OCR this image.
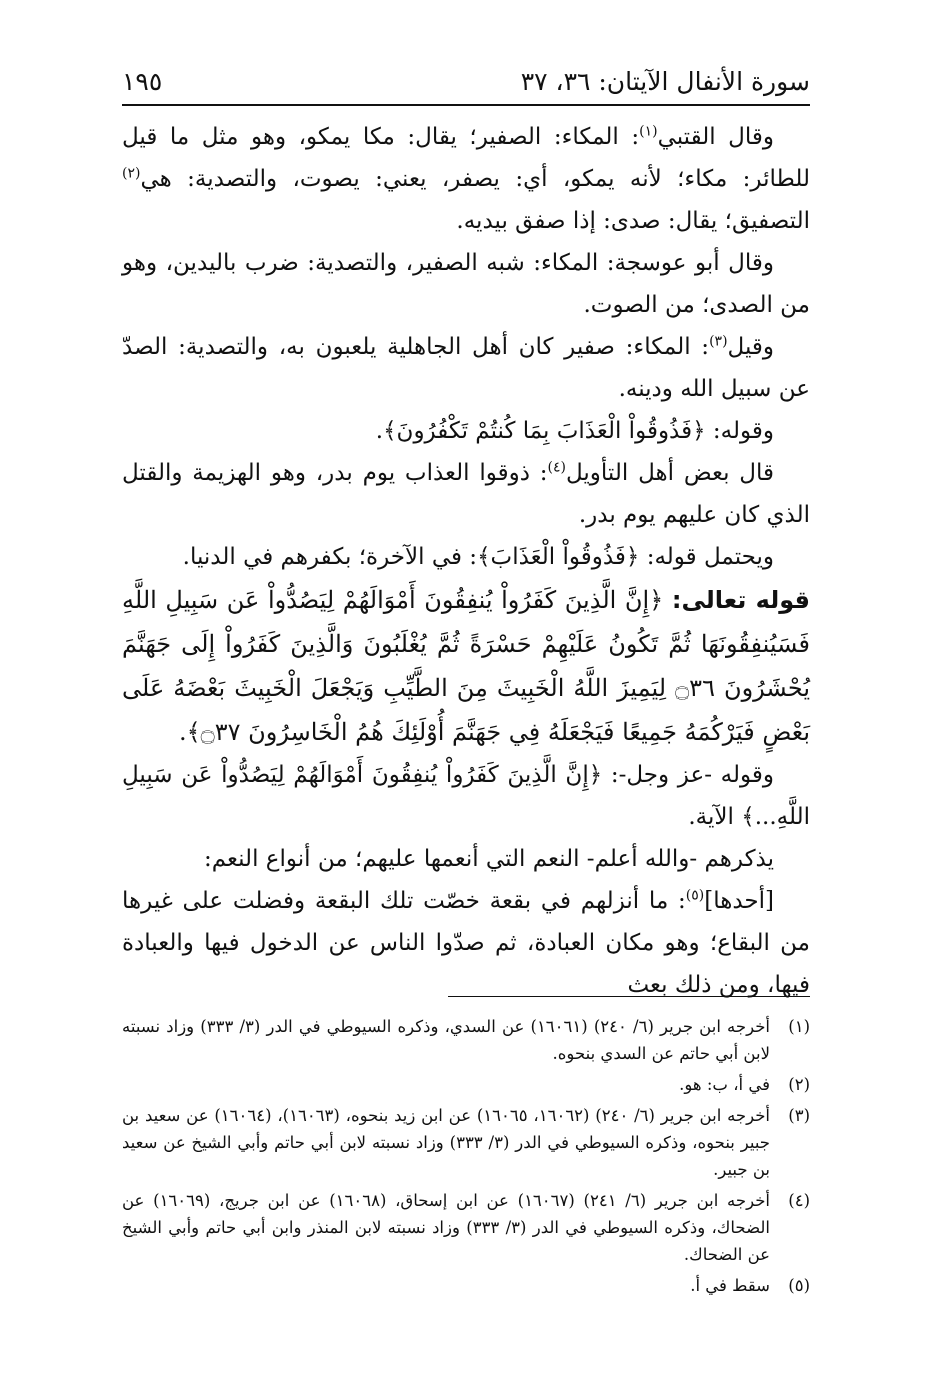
سورة الأنفال الآيتان: ٣٦، ٣٧
١٩٥

وقال القتبي$^{(١)}$: المكاء: الصفير؛ يقال: مكا يمكو، وهو مثل ما قيل للطائر: مكاء؛ لأنه يمكو، أي: يصفر، يعني: يصوت، والتصدية: هي$^{(٢)}$ التصفيق؛ يقال: صدى: إذا صفق بيديه.

وقال أبو عوسجة: المكاء: شبه الصفير، والتصدية: ضرب باليدين، وهو من الصدى؛ من الصوت.

وقيل$^{(٣)}$: المكاء: صفير كان أهل الجاهلية يلعبون به، والتصدية: الصدّ عن سبيل الله ودينه.

وقوله: ﴿فَذُوقُواْ الْعَذَابَ بِمَا كُنتُمْ تَكْفُرُونَ﴾.

قال بعض أهل التأويل$^{(٤)}$: ذوقوا العذاب يوم بدر، وهو الهزيمة والقتل الذي كان عليهم يوم بدر.

ويحتمل قوله: ﴿فَذُوقُواْ الْعَذَابَ﴾: في الآخرة؛ بكفرهم في الدنيا.

قوله تعالى: ﴿إِنَّ الَّذِينَ كَفَرُواْ يُنفِقُونَ أَمْوَالَهُمْ لِيَصُدُّواْ عَن سَبِيلِ اللَّهِ فَسَيُنفِقُونَهَا ثُمَّ تَكُونُ عَلَيْهِمْ حَسْرَةً ثُمَّ يُغْلَبُونَ وَالَّذِينَ كَفَرُواْ إِلَى جَهَنَّمَ يُحْشَرُونَ ۝٣٦ لِيَمِيزَ اللَّهُ الْخَبِيثَ مِنَ الطَّيِّبِ وَيَجْعَلَ الْخَبِيثَ بَعْضَهُ عَلَى بَعْضٍ فَيَرْكُمَهُ جَمِيعًا فَيَجْعَلَهُ فِي جَهَنَّمَ أُوْلَئِكَ هُمُ الْخَاسِرُونَ ۝٣٧﴾.

وقوله -عز وجل-: ﴿إِنَّ الَّذِينَ كَفَرُواْ يُنفِقُونَ أَمْوَالَهُمْ لِيَصُدُّواْ عَن سَبِيلِ اللَّهِ...﴾ الآية.

يذكرهم -والله أعلم- النعم التي أنعمها عليهم؛ من أنواع النعم:

[أحدها]$^{(٥)}$: ما أنزلهم في بقعة خصّت تلك البقعة وفضلت على غيرها من البقاع؛ وهو مكان العبادة، ثم صدّوا الناس عن الدخول فيها والعبادة فيها، ومن ذلك بعث

(١)
أخرجه ابن جرير (٦/ ٢٤٠) (١٦٠٦١) عن السدي، وذكره السيوطي في الدر (٣/ ٣٣٣) وزاد نسبته لابن أبي حاتم عن السدي بنحوه.
(٢)
في أ، ب: هو.
(٣)
أخرجه ابن جرير (٦/ ٢٤٠) (١٦٠٦٢، ١٦٠٦٥) عن ابن زيد بنحوه، (١٦٠٦٣)، (١٦٠٦٤) عن سعيد بن جبير بنحوه، وذكره السيوطي في الدر (٣/ ٣٣٣) وزاد نسبته لابن أبي حاتم وأبي الشيخ عن سعيد بن جبير.
(٤)
أخرجه ابن جرير (٦/ ٢٤١) (١٦٠٦٧) عن ابن إسحاق، (١٦٠٦٨) عن ابن جريج، (١٦٠٦٩) عن الضحاك، وذكره السيوطي في الدر (٣/ ٣٣٣) وزاد نسبته لابن المنذر وابن أبي حاتم وأبي الشيخ عن الضحاك.
(٥)
سقط في أ.
